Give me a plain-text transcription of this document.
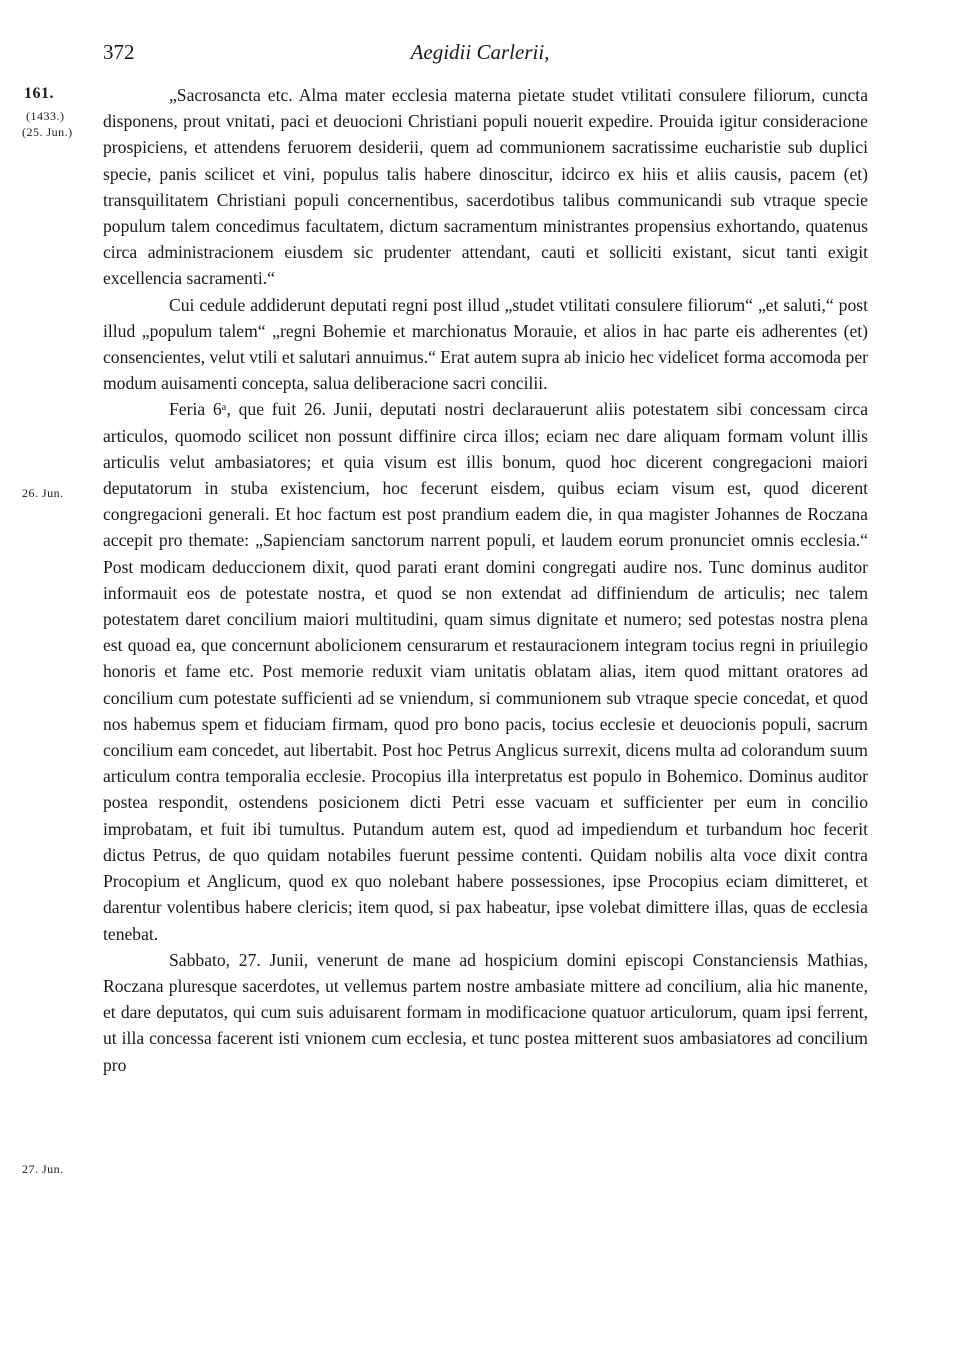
372	Aegidii Carlerii,
161.
(1433.)
(25. Jun.)
26. Jun.
27. Jun.

„Sacrosancta etc. Alma mater ecclesia materna pietate studet vtilitati consulere filiorum, cuncta disponens, prout vnitati, paci et deuocioni Christiani populi nouerit expedire. Prouida igitur consideracione prospiciens, et attendens feruorem desiderii, quem ad communionem sacratissime eucharistie sub duplici specie, panis scilicet et vini, populus talis habere dinoscitur, idcirco ex hiis et aliis causis, pacem (et) transquilitatem Christiani populi concernentibus, sacerdotibus talibus communicandi sub vtraque specie populum talem concedimus facultatem, dictum sacramentum ministrantes propensius exhortando, quatenus circa administracionem eiusdem sic prudenter attendant, cauti et solliciti existant, sicut tanti exigit excellencia sacramenti.“

Cui cedule addiderunt deputati regni post illud „studet vtilitati consulere filiorum“ „et saluti,“ post illud „populum talem“ „regni Bohemie et marchionatus Morauie, et alios in hac parte eis adherentes (et) consencientes, velut vtili et salutari annuimus.“ Erat autem supra ab inicio hec videlicet forma accomoda per modum auisamenti concepta, salua deliberacione sacri concilii.

Feria 6ᵃ, que fuit 26. Junii, deputati nostri declarauerunt aliis potestatem sibi concessam circa articulos, quomodo scilicet non possunt diffinire circa illos; eciam nec dare aliquam formam volunt illis articulis velut ambasiatores; et quia visum est illis bonum, quod hoc dicerent congregacioni maiori deputatorum in stuba existencium, hoc fecerunt eisdem, quibus eciam visum est, quod dicerent congregacioni generali. Et hoc factum est post prandium eadem die, in qua magister Johannes de Roczana accepit pro themate: „Sapienciam sanctorum narrent populi, et laudem eorum pronunciet omnis ecclesia.“ Post modicam deduccionem dixit, quod parati erant domini congregati audire nos. Tunc dominus auditor informauit eos de potestate nostra, et quod se non extendat ad diffiniendum de articulis; nec talem potestatem daret concilium maiori multitudini, quam simus dignitate et numero; sed potestas nostra plena est quoad ea, que concernunt abolicionem censurarum et restauracionem integram tocius regni in priuilegio honoris et fame etc. Post memorie reduxit viam unitatis oblatam alias, item quod mittant oratores ad concilium cum potestate sufficienti ad se vniendum, si communionem sub vtraque specie concedat, et quod nos habemus spem et fiduciam firmam, quod pro bono pacis, tocius ecclesie et deuocionis populi, sacrum concilium eam concedet, aut libertabit. Post hoc Petrus Anglicus surrexit, dicens multa ad colorandum suum articulum contra temporalia ecclesie. Procopius illa interpretatus est populo in Bohemico. Dominus auditor postea respondit, ostendens posicionem dicti Petri esse vacuam et sufficienter per eum in concilio improbatam, et fuit ibi tumultus. Putandum autem est, quod ad impediendum et turbandum hoc fecerit dictus Petrus, de quo quidam notabiles fuerunt pessime contenti. Quidam nobilis alta voce dixit contra Procopium et Anglicum, quod ex quo nolebant habere possessiones, ipse Procopius eciam dimitteret, et darentur volentibus habere clericis; item quod, si pax habeatur, ipse volebat dimittere illas, quas de ecclesia tenebat.

Sabbato, 27. Junii, venerunt de mane ad hospicium domini episcopi Constanciensis Mathias, Roczana pluresque sacerdotes, ut vellemus partem nostre ambasiate mittere ad concilium, alia hic manente, et dare deputatos, qui cum suis aduisarent formam in modificacione quatuor articulorum, quam ipsi ferrent, ut illa concessa facerent isti vnionem cum ecclesia, et tunc postea mitterent suos ambasiatores ad concilium pro
